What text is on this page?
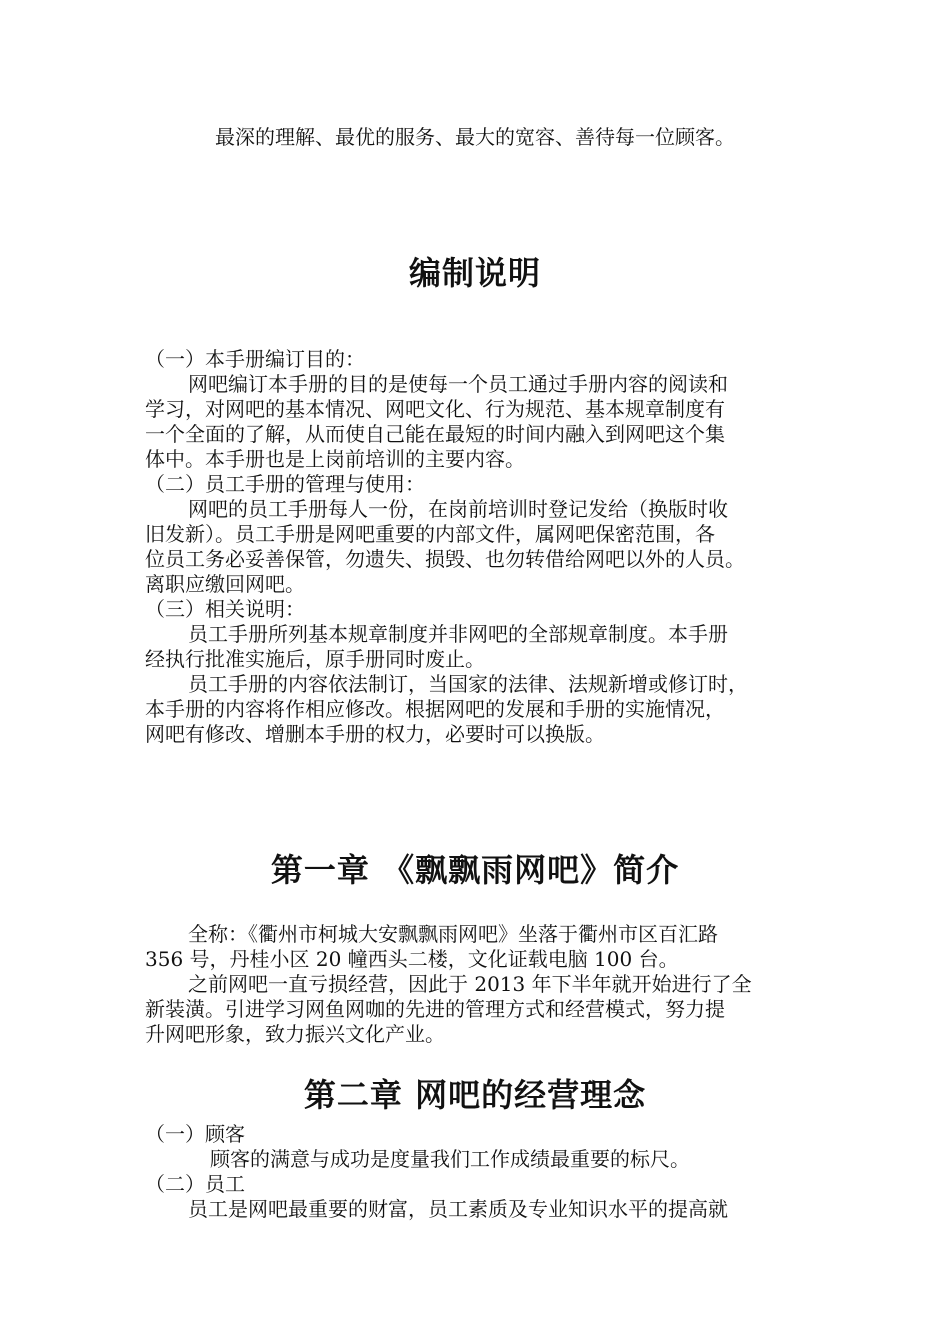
最深的理解、最优的服务、最大的宽容、善待每一位顾客。
编制说明
（一）本手册编订目的：
网吧编订本手册的目的是使每一个员工通过手册内容的阅读和
学习，对网吧的基本情况、网吧文化、行为规范、基本规章制度有
一个全面的了解，从而使自己能在最短的时间内融入到网吧这个集
体中。本手册也是上岗前培训的主要内容。
（二）员工手册的管理与使用：
网吧的员工手册每人一份，在岗前培训时登记发给（换版时收
旧发新）。员工手册是网吧重要的内部文件，属网吧保密范围，各
位员工务必妥善保管，勿遗失、损毁、也勿转借给网吧以外的人员。
离职应缴回网吧。
（三）相关说明：
员工手册所列基本规章制度并非网吧的全部规章制度。本手册
经执行批准实施后，原手册同时废止。
员工手册的内容依法制订，当国家的法律、法规新增或修订时，
本手册的内容将作相应修改。根据网吧的发展和手册的实施情况，
网吧有修改、增删本手册的权力，必要时可以换版。
第一章 《飘飘雨网吧》简介
全称：《衢州市柯城大安飘飘雨网吧》坐落于衢州市区百汇路
356 号，丹桂小区 20 幢西头二楼，文化证载电脑 100 台。
之前网吧一直亏损经营，因此于 2013 年下半年就开始进行了全
新装潢。引进学习网鱼网咖的先进的管理方式和经营模式，努力提
升网吧形象，致力振兴文化产业。
第二章 网吧的经营理念
（一）顾客
顾客的满意与成功是度量我们工作成绩最重要的标尺。
（二）员工
员工是网吧最重要的财富，员工素质及专业知识水平的提高就
